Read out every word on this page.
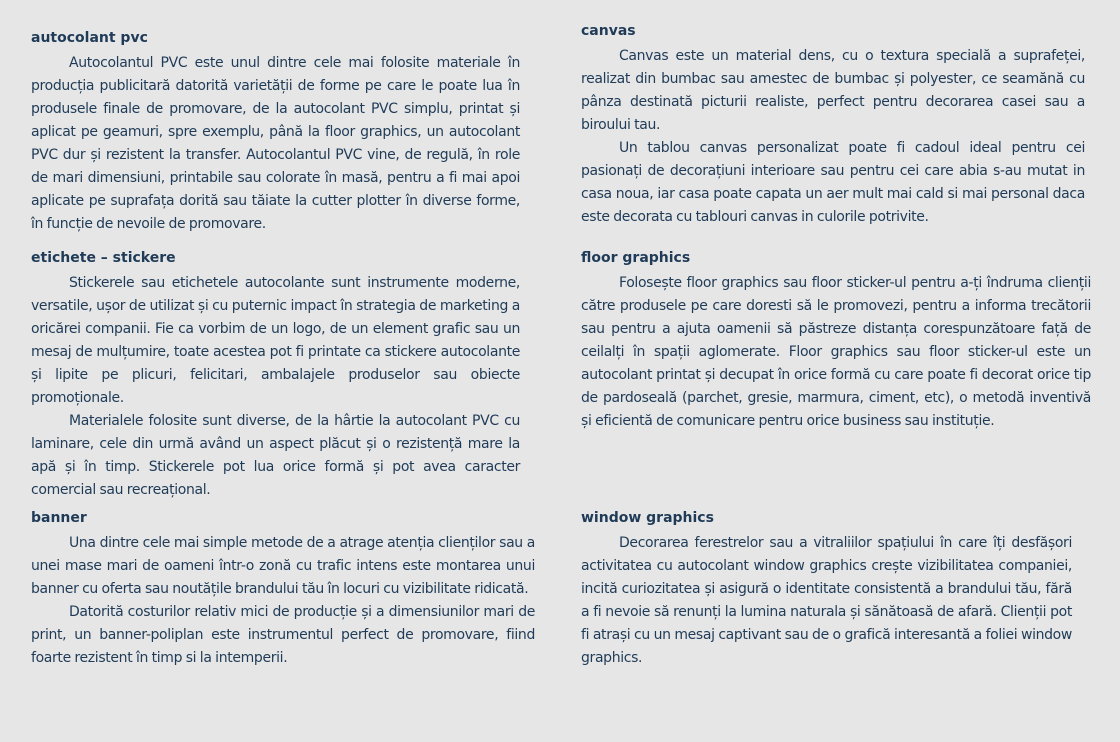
autocolant pvc

Autocolantul PVC este unul dintre cele mai folosite materiale în producția publicitară datorită varietății de forme pe care le poate lua în produsele finale de promovare, de la autocolant PVC simplu, printat și aplicat pe geamuri, spre exemplu, până la floor graphics, un autocolant PVC dur și rezistent la transfer. Autocolantul PVC vine, de regulă, în role de mari dimensiuni, printabile sau colorate în masă, pentru a fi mai apoi aplicate pe suprafața dorită sau tăiate la cutter plotter în diverse forme, în funcție de nevoile de promovare.

etichete – stickere

Stickerele sau etichetele autocolante sunt instrumente moderne, versatile, ușor de utilizat și cu puternic impact în strategia de marketing a oricărei companii. Fie ca vorbim de un logo, de un element grafic sau un mesaj de mulțumire, toate acestea pot fi printate ca stickere autocolante și lipite pe plicuri, felicitari, ambalajele produselor sau obiecte promoționale.

Materialele folosite sunt diverse, de la hârtie la autocolant PVC cu laminare, cele din urmă având un aspect plăcut și o rezistență mare la apă și în timp. Stickerele pot lua orice formă și pot avea caracter comercial sau recreațional.

banner

Una dintre cele mai simple metode de a atrage atenția clienților sau a unei mase mari de oameni într-o zonă cu trafic intens este montarea unui banner cu oferta sau noutățile brandului tău în locuri cu vizibilitate ridicată.

Datorită costurilor relativ mici de producție și a dimensiunilor mari de print, un banner-poliplan este instrumentul perfect de promovare, fiind foarte rezistent în timp si la intemperii.

canvas

Canvas este un material dens, cu o textura specială a suprafeței, realizat din bumbac sau amestec de bumbac și polyester, ce seamănă cu pânza destinată picturii realiste, perfect pentru decorarea casei sau a biroului tau.

Un tablou canvas personalizat poate fi cadoul ideal pentru cei pasionați de decorațiuni interioare sau pentru cei care abia s-au mutat in casa noua, iar casa poate capata un aer mult mai cald si mai personal daca este decorata cu tablouri canvas in culorile potrivite.

floor graphics

Folosește floor graphics sau floor sticker-ul pentru a-ți îndruma clienții către produsele pe care doresti să le promovezi, pentru a informa trecătorii sau pentru a ajuta oamenii să păstreze distanța corespunzătoare față de ceilalți în spații aglomerate. Floor graphics sau floor sticker-ul este un autocolant printat și decupat în orice formă cu care poate fi decorat orice tip de pardoseală (parchet, gresie, marmura, ciment, etc), o metodă inventivă și eficientă de comunicare pentru orice business sau instituție.

window graphics

Decorarea ferestrelor sau a vitraliilor spațiului în care îți desfășori activitatea cu autocolant window graphics crește vizibilitatea companiei, incită curiozitatea și asigură o identitate consistentă a brandului tău, fără a fi nevoie să renunți la lumina naturala și sănătoasă de afară. Clienții pot fi atrași cu un mesaj captivant sau de o grafică interesantă a foliei window graphics.
